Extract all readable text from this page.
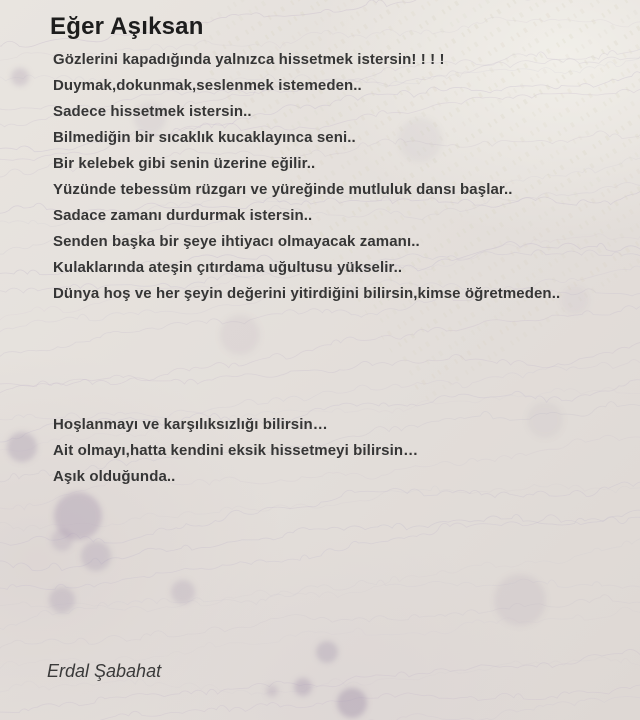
Eğer Aşıksan

Gözlerini kapadığında yalnızca hissetmek istersin! ! ! !

Duymak,dokunmak,seslenmek istemeden..

Sadece hissetmek istersin..

Bilmediğin bir sıcaklık kucaklayınca seni..

Bir kelebek gibi senin üzerine eğilir..

Yüzünde tebessüm rüzgarı ve yüreğinde mutluluk dansı başlar..

Sadace zamanı durdurmak istersin..

Senden başka bir şeye ihtiyacı olmayacak zamanı..

Kulaklarında ateşin çıtırdama uğultusu yükselir..

Dünya hoş ve her şeyin değerini yitirdiğini bilirsin,kimse öğretmeden..

Hoşlanmayı ve karşılıksızlığı bilirsin…

Ait olmayı,hatta kendini eksik hissetmeyi bilirsin…

Aşık olduğunda..

Erdal Şabahat
